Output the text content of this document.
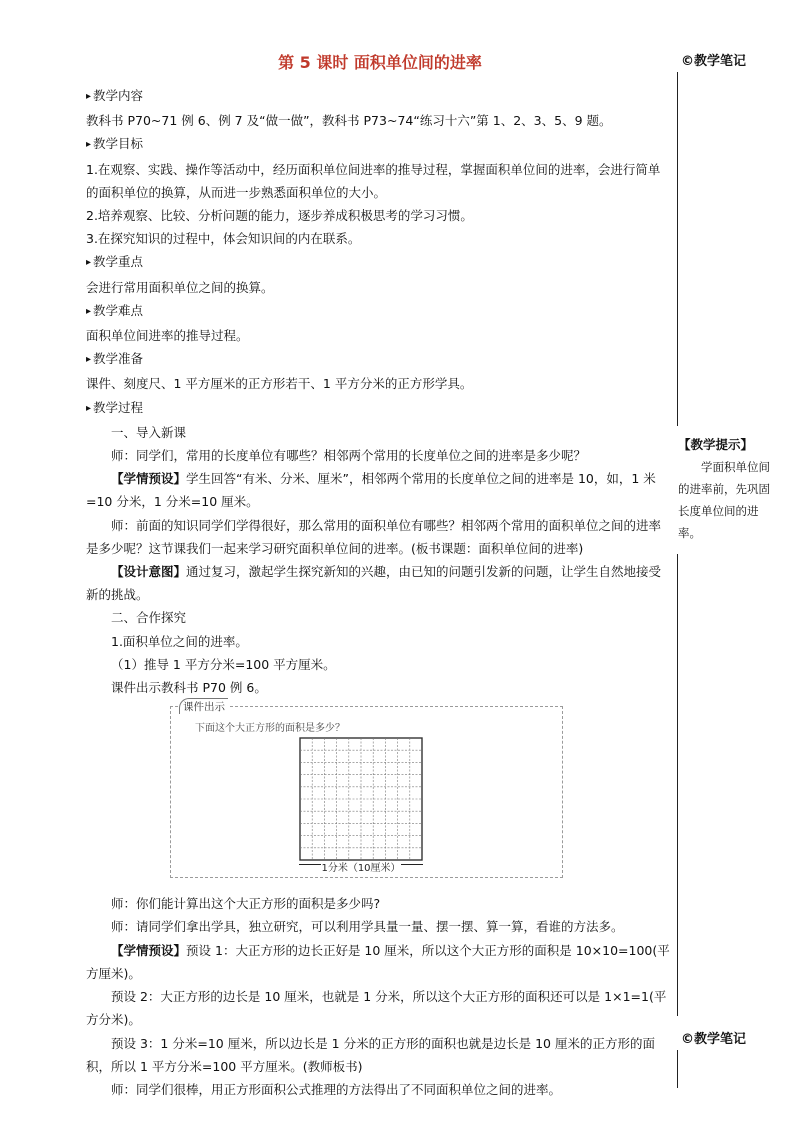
第 5 课时 面积单位间的进率	©教学笔记
【教学提示】
学面积单位间的进率前，先巩固长度单位间的进率。
©教学笔记

▸ 教学内容

教科书 P70~71 例 6、例 7 及“做一做”，教科书 P73~74“练习十六”第 1、2、3、5、9 题。

▸ 教学目标

1.在观察、实践、操作等活动中，经历面积单位间进率的推导过程，掌握面积单位间的进率，会进行简单的面积单位的换算，从而进一步熟悉面积单位的大小。

2.培养观察、比较、分析问题的能力，逐步养成积极思考的学习习惯。

3.在探究知识的过程中，体会知识间的内在联系。

▸ 教学重点

会进行常用面积单位之间的换算。

▸ 教学难点

面积单位间进率的推导过程。

▸ 教学准备

课件、刻度尺、1 平方厘米的正方形若干、1 平方分米的正方形学具。

▸ 教学过程

一、导入新课

师：同学们，常用的长度单位有哪些？相邻两个常用的长度单位之间的进率是多少呢？

【学情预设】学生回答“有米、分米、厘米”，相邻两个常用的长度单位之间的进率是 10，如，1 米=10 分米，1 分米=10 厘米。

师：前面的知识同学们学得很好，那么常用的面积单位有哪些？相邻两个常用的面积单位之间的进率是多少呢？这节课我们一起来学习研究面积单位间的进率。(板书课题：面积单位间的进率)

【设计意图】通过复习，激起学生探究新知的兴趣，由已知的问题引发新的问题，让学生自然地接受新的挑战。

二、合作探究

1.面积单位之间的进率。

（1）推导 1 平方分米=100 平方厘米。

课件出示教科书 P70 例 6。

师：你们能计算出这个大正方形的面积是多少吗?

师：请同学们拿出学具，独立研究，可以利用学具量一量、摆一摆、算一算，看谁的方法多。

【学情预设】预设 1：大正方形的边长正好是 10 厘米，所以这个大正方形的面积是 10×10=100(平方厘米)。

预设 2：大正方形的边长是 10 厘米，也就是 1 分米，所以这个大正方形的面积还可以是 1×1=1(平方分米)。

预设 3：1 分米=10 厘米，所以边长是 1 分米的正方形的面积也就是边长是 10 厘米的正方形的面积，所以 1 平方分米=100 平方厘米。(教师板书)

师：同学们很棒，用正方形面积公式推理的方法得出了不同面积单位之间的进率。

课件出示
下面这个大正方形的面积是多少？
1分米（10厘米）
